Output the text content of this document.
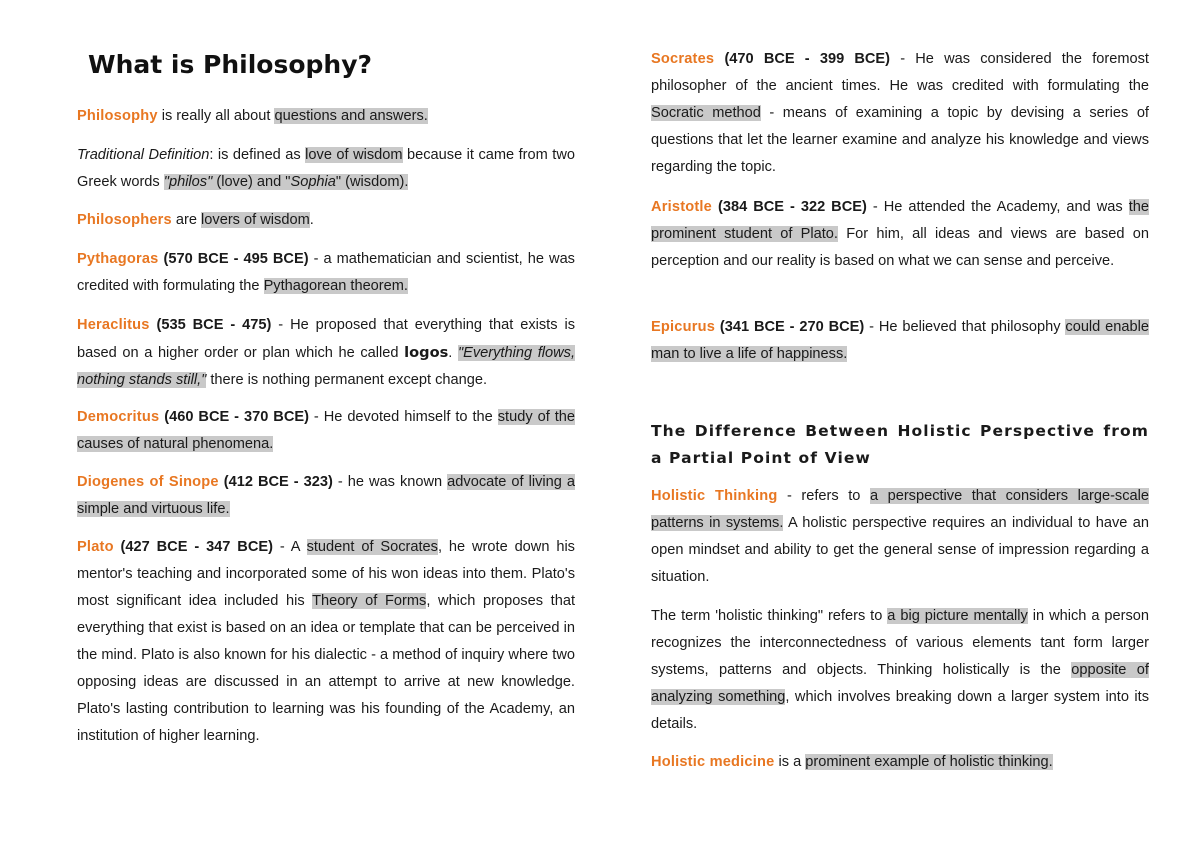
What is Philosophy?

Philosophy is really all about questions and answers.

Traditional Definition: is defined as love of wisdom because it came from two Greek words "philos" (love) and "Sophia" (wisdom).

Philosophers are lovers of wisdom.

Pythagoras (570 BCE - 495 BCE) - a mathematician and scientist, he was credited with formulating the Pythagorean theorem.

Heraclitus (535 BCE - 475) - He proposed that everything that exists is based on a higher order or plan which he called logos. "Everything flows, nothing stands still," there is nothing permanent except change.

Democritus (460 BCE - 370 BCE) - He devoted himself to the study of the causes of natural phenomena.

Diogenes of Sinope (412 BCE - 323) - he was known advocate of living a simple and virtuous life.

Plato (427 BCE - 347 BCE) - A student of Socrates, he wrote down his mentor's teaching and incorporated some of his won ideas into them. Plato's most significant idea included his Theory of Forms, which proposes that everything that exist is based on an idea or template that can be perceived in the mind. Plato is also known for his dialectic - a method of inquiry where two opposing ideas are discussed in an attempt to arrive at new knowledge. Plato's lasting contribution to learning was his founding of the Academy, an institution of higher learning.

Socrates (470 BCE - 399 BCE) - He was considered the foremost philosopher of the ancient times. He was credited with formulating the Socratic method - means of examining a topic by devising a series of questions that let the learner examine and analyze his knowledge and views regarding the topic.

Aristotle (384 BCE - 322 BCE) - He attended the Academy, and was the prominent student of Plato. For him, all ideas and views are based on perception and our reality is based on what we can sense and perceive.

Epicurus (341 BCE - 270 BCE) - He believed that philosophy could enable man to live a life of happiness.

The Difference Between Holistic Perspective from a Partial Point of View

Holistic Thinking - refers to a perspective that considers large-scale patterns in systems. A holistic perspective requires an individual to have an open mindset and ability to get the general sense of impression regarding a situation.

The term 'holistic thinking" refers to a big picture mentally in which a person recognizes the interconnectedness of various elements tant form larger systems, patterns and objects. Thinking holistically is the opposite of analyzing something, which involves breaking down a larger system into its details.

Holistic medicine is a prominent example of holistic thinking.
